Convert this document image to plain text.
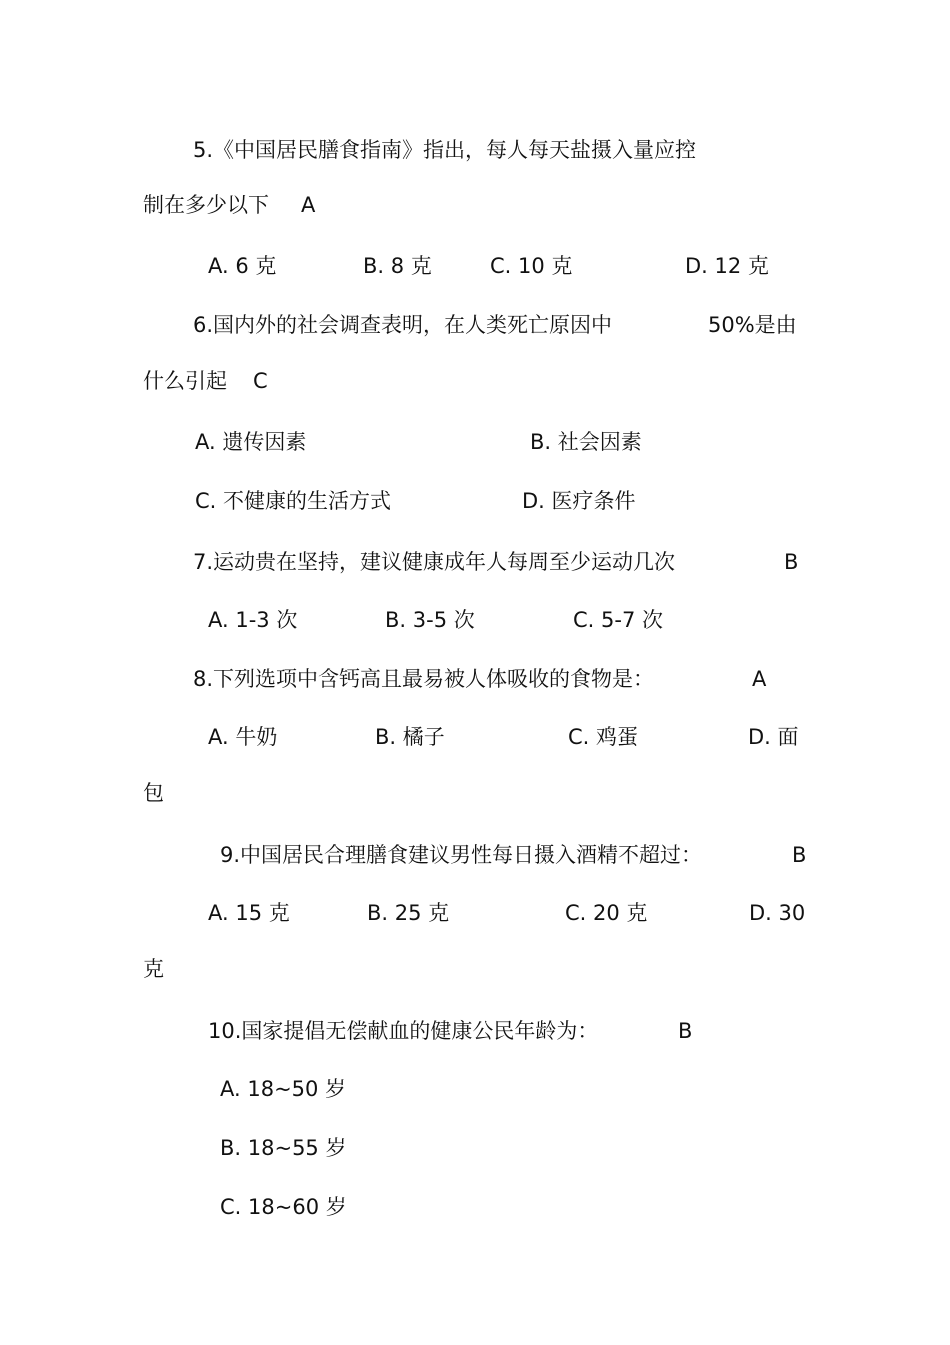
5.《中国居民膳食指南》指出，每人每天盐摄入量应控
制在多少以下 A
A. 6 克	B. 8 克	C. 10 克	D. 12 克
6.国内外的社会调查表明，在人类死亡原因中	50%是由
什么引起 C
A. 遗传因素	B. 社会因素
C. 不健康的生活方式	D. 医疗条件
7.运动贵在坚持，建议健康成年人每周至少运动几次	B
A. 1-3 次	B. 3-5 次	C. 5-7 次
8.下列选项中含钙高且最易被人体吸收的食物是：	A
A. 牛奶	B. 橘子	C. 鸡蛋	D. 面
包
9.中国居民合理膳食建议男性每日摄入酒精不超过：	B
A. 15 克	B. 25 克	C. 20 克	D. 30
克
10.国家提倡无偿献血的健康公民年龄为：	B
A. 18~50 岁
B. 18~55 岁
C. 18~60 岁
